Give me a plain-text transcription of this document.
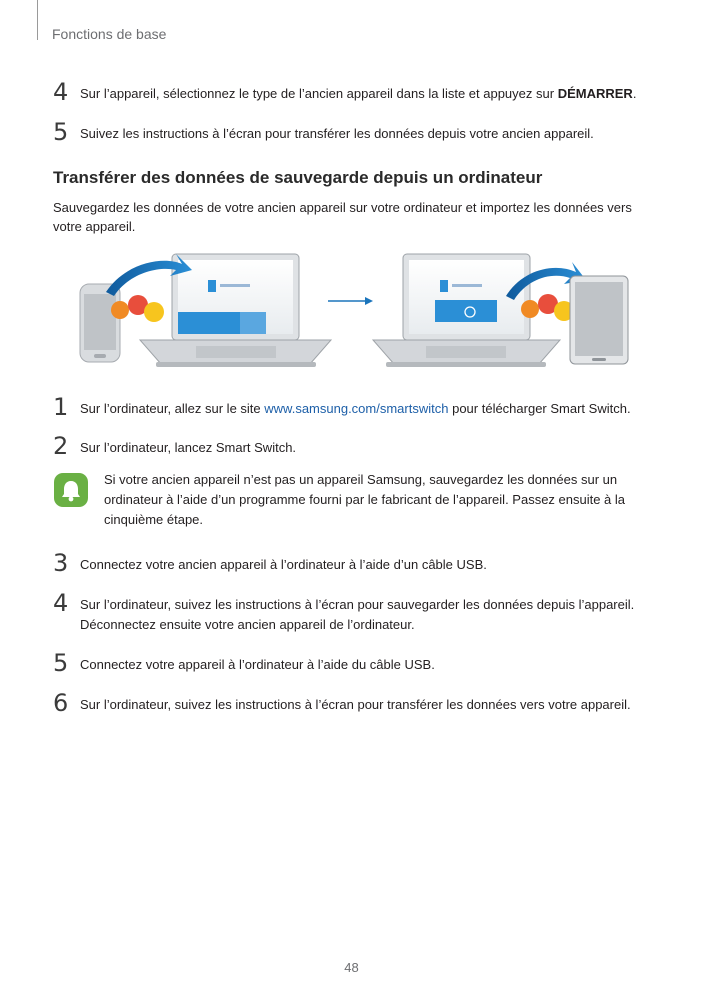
Fonctions de base
4 Sur l’appareil, sélectionnez le type de l’ancien appareil dans la liste et appuyez sur DÉMARRER.
5 Suivez les instructions à l’écran pour transférer les données depuis votre ancien appareil.
Transférer des données de sauvegarde depuis un ordinateur
Sauvegardez les données de votre ancien appareil sur votre ordinateur et importez les données vers votre appareil.
1 Sur l’ordinateur, allez sur le site www.samsung.com/smartswitch pour télécharger Smart Switch.
2 Sur l’ordinateur, lancez Smart Switch.
Si votre ancien appareil n’est pas un appareil Samsung, sauvegardez les données sur un ordinateur à l’aide d’un programme fourni par le fabricant de l’appareil. Passez ensuite à la cinquième étape.
3 Connectez votre ancien appareil à l’ordinateur à l’aide d’un câble USB.
4 Sur l’ordinateur, suivez les instructions à l’écran pour sauvegarder les données depuis l’appareil. Déconnectez ensuite votre ancien appareil de l’ordinateur.
5 Connectez votre appareil à l’ordinateur à l’aide du câble USB.
6 Sur l’ordinateur, suivez les instructions à l’écran pour transférer les données vers votre appareil.
48
